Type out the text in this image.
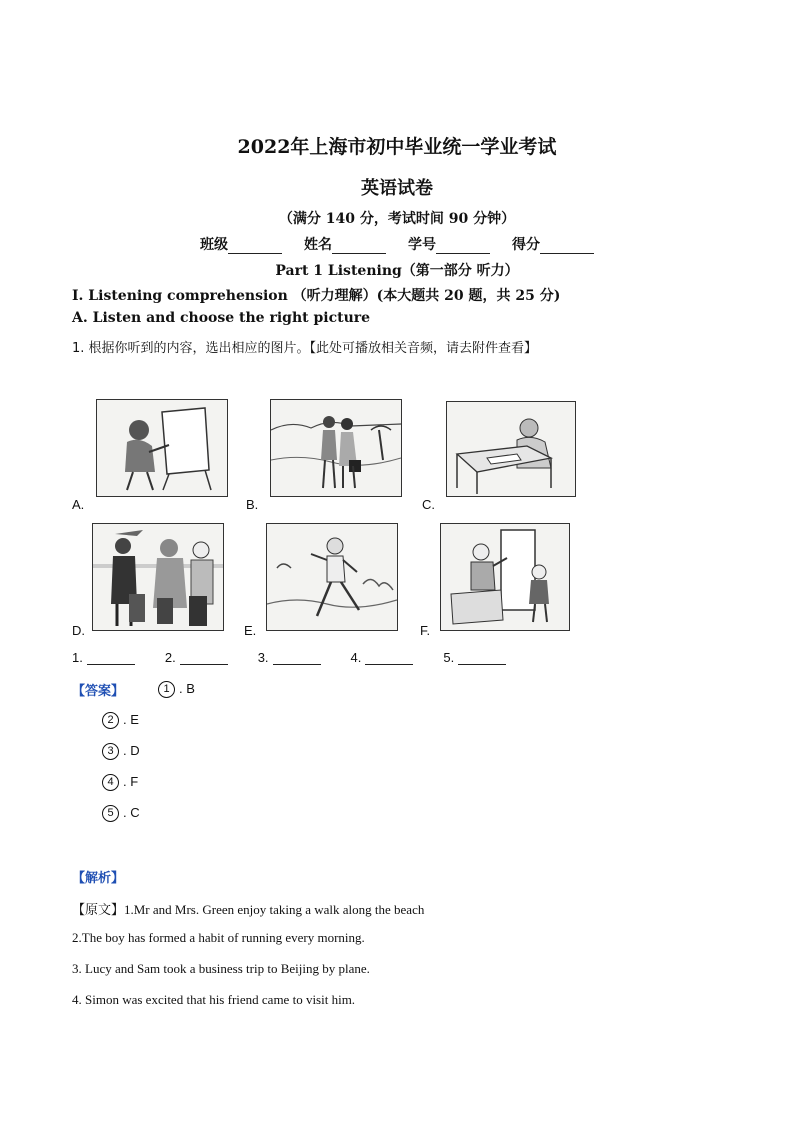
2022年上海市初中毕业统一学业考试
英语试卷
（满分 140 分，考试时间 90 分钟）
班级	姓名	学号	得分
Part 1 Listening（第一部分 听力）
I. Listening comprehension （听力理解）(本大题共 20 题，共 25 分)
A. Listen and choose the right picture
1. 根据你听到的内容，选出相应的图片。【此处可播放相关音频，请去附件查看】
A.	B.	C.
D.	E.	F.
1.	2.	3.	4.	5.
【答案】	1 . B
2 . E
3 . D
4 . F
5 . C
【解析】
【原文】1.Mr and Mrs. Green enjoy taking a walk along the beach
2.The boy has formed a habit of running every morning.
3. Lucy and Sam took a business trip to Beijing by plane.
4. Simon was excited that his friend came to visit him.
